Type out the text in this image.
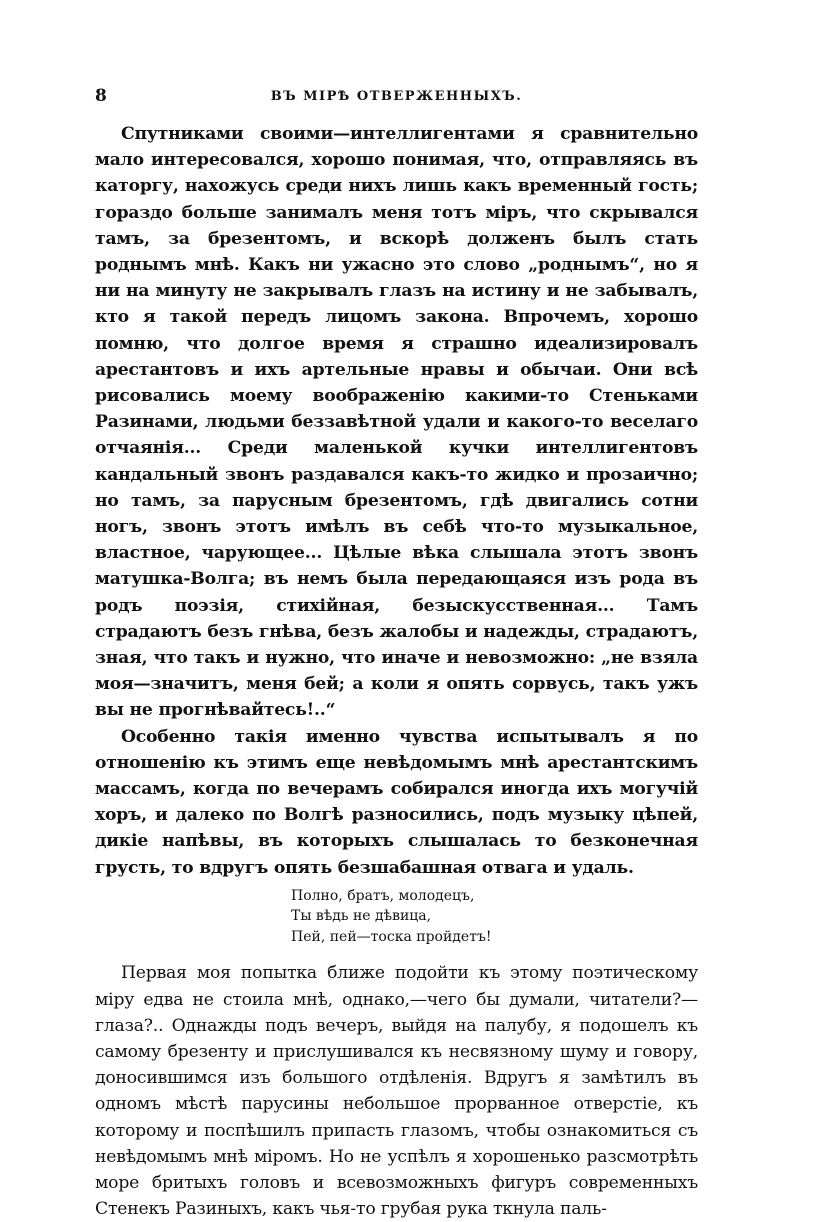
8	ВЪ МІРѢ ОТВЕРЖЕННЫХЪ.

Спутниками своими—интеллигентами я сравнительно мало интересовался, хорошо понимая, что, отправляясь въ каторгу, нахожусь среди нихъ лишь какъ временный гость; гораздо больше занималъ меня тотъ міръ, что скрывался тамъ, за брезентомъ, и вскорѣ долженъ былъ стать роднымъ мнѣ. Какъ ни ужасно это слово „роднымъ“, но я ни на минуту не закрывалъ глазъ на истину и не забывалъ, кто я такой передъ лицомъ закона. Впрочемъ, хорошо помню, что долгое время я страшно идеализировалъ арестантовъ и ихъ артельные нравы и обычаи. Они всѣ рисовались моему воображенію какими-то Стеньками Разинами, людьми беззавѣтной удали и какого-то веселаго отчаянія... Среди маленькой кучки интеллигентовъ кандальный звонъ раздавался какъ-то жидко и прозаично; но тамъ, за парусным брезентомъ, гдѣ двигались сотни ногъ, звонъ этотъ имѣлъ въ себѣ что-то музыкальное, властное, чарующее... Цѣлые вѣка слышала этотъ звонъ матушка-Волга; въ немъ была передающаяся изъ рода въ родъ поэзія, стихійная, безыскусственная... Тамъ страдаютъ безъ гнѣва, безъ жалобы и надежды, страдаютъ, зная, что такъ и нужно, что иначе и невозможно: „не взяла моя—значитъ, меня бей; а коли я опять сорвусь, такъ ужъ вы не прогнѣвайтесь!..“

Особенно такія именно чувства испытывалъ я по отношенію къ этимъ еще невѣдомымъ мнѣ арестантскимъ массамъ, когда по вечерамъ собирался иногда ихъ могучій хоръ, и далеко по Волгѣ разносились, подъ музыку цѣпей, дикіе напѣвы, въ которыхъ слышалась то безконечная грусть, то вдругъ опять безшабашная отвага и удаль.

Полно, братъ, молодецъ,
Ты вѣдь не дѣвица,
Пей, пей—тоска пройдетъ!

Первая моя попытка ближе подойти къ этому поэтическому міру едва не стоила мнѣ, однако,—чего бы думали, читатели?—глаза?.. Однажды подъ вечеръ, выйдя на палубу, я подошелъ къ самому брезенту и прислушивался къ несвязному шуму и говору, доносившимся изъ большого отдѣленія. Вдругъ я замѣтилъ въ одномъ мѣстѣ парусины небольшое прорванное отверстіе, къ которому и поспѣшилъ припасть глазомъ, чтобы ознакомиться съ невѣдомымъ мнѣ міромъ. Но не успѣлъ я хорошенько разсмотрѣть море бритыхъ головъ и всевозможныхъ фигуръ современныхъ Стенекъ Разиныхъ, какъ чья-то грубая рука ткнула паль-
